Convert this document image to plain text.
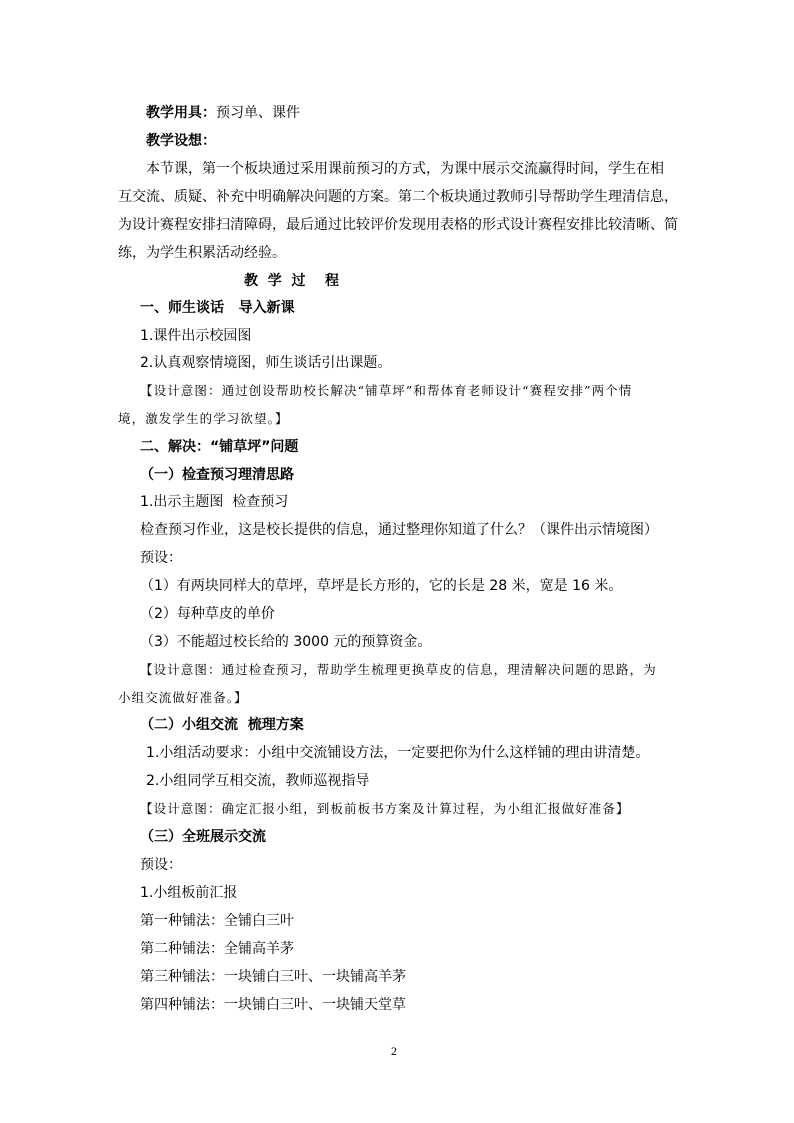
教学用具：预习单、课件
教学设想：
本节课，第一个板块通过采用课前预习的方式，为课中展示交流赢得时间，学生在相
互交流、质疑、补充中明确解决问题的方案。第二个板块通过教师引导帮助学生理清信息，
为设计赛程安排扫清障碍，最后通过比较评价发现用表格的形式设计赛程安排比较清晰、简
练，为学生积累活动经验。
教  学  过    程
一、师生谈话   导入新课
1.课件出示校园图
2.认真观察情境图，师生谈话引出课题。
【设计意图：通过创设帮助校长解决“铺草坪”和帮体育老师设计“赛程安排”两个情
境，激发学生的学习欲望。】
二、解决：“铺草坪”问题
（一）检查预习理清思路
1.出示主题图  检查预习
检查预习作业，这是校长提供的信息，通过整理你知道了什么？（课件出示情境图）
预设：
（1）有两块同样大的草坪，草坪是长方形的，它的长是 28 米，宽是 16 米。
（2）每种草皮的单价
（3）不能超过校长给的 3000 元的预算资金。
【设计意图：通过检查预习，帮助学生梳理更换草皮的信息，理清解决问题的思路，为
小组交流做好准备。】
（二）小组交流  梳理方案
1.小组活动要求：小组中交流铺设方法，一定要把你为什么这样铺的理由讲清楚。
2.小组同学互相交流，教师巡视指导
【设计意图：确定汇报小组，到板前板书方案及计算过程，为小组汇报做好准备】
（三）全班展示交流
预设：
1.小组板前汇报
第一种铺法：全铺白三叶
第二种铺法：全铺高羊茅
第三种铺法：一块铺白三叶、一块铺高羊茅
第四种铺法：一块铺白三叶、一块铺天堂草
2
